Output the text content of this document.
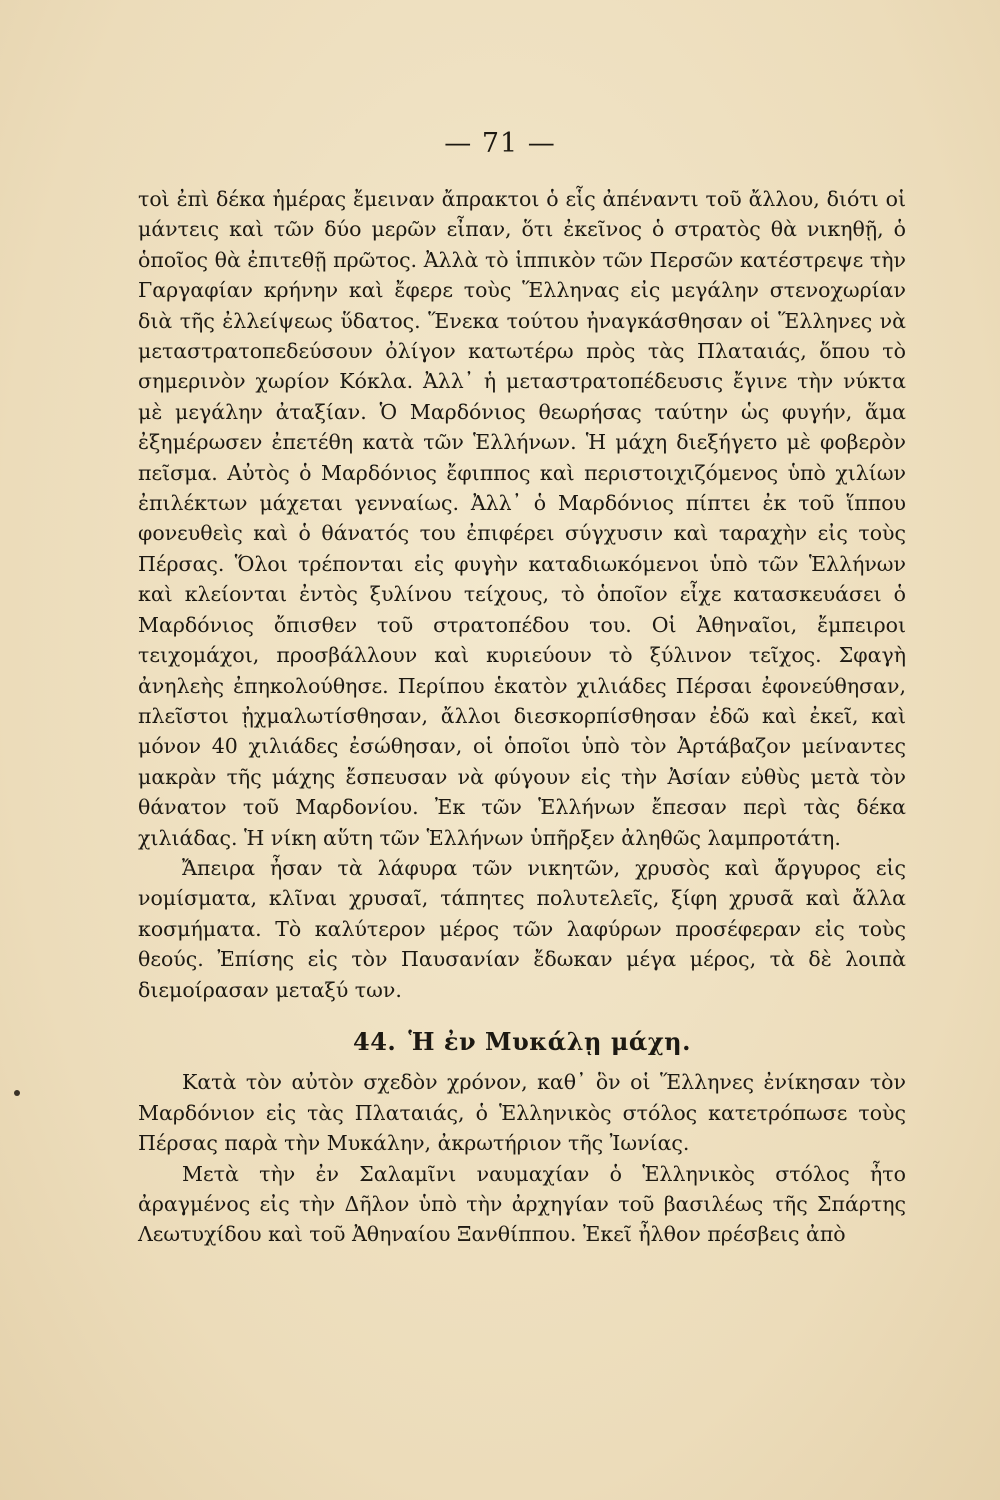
— 71 —

τοὶ ἐπὶ δέκα ἡμέρας ἔμειναν ἄπρακτοι ὁ εἷς ἀπέναντι τοῦ ἄλλου, διότι οἱ μάντεις καὶ τῶν δύο μερῶν εἶπαν, ὅτι ἐκεῖνος ὁ στρατὸς θὰ νικηθῇ, ὁ ὁποῖος θὰ ἐπιτεθῇ πρῶτος. Ἀλλὰ τὸ ἱππικὸν τῶν Περσῶν κατέστρεψε τὴν Γαργαφίαν κρήνην καὶ ἔφερε τοὺς Ἕλληνας εἰς μεγάλην στενοχωρίαν διὰ τῆς ἐλλείψεως ὕδατος. Ἕνεκα τούτου ἠναγκάσθησαν οἱ Ἕλληνες νὰ μεταστρατοπεδεύσουν ὀλίγον κατωτέρω πρὸς τὰς Πλαταιάς, ὅπου τὸ σημερινὸν χωρίον Κόκλα. Ἀλλ᾽ ἡ μεταστρατοπέδευσις ἔγινε τὴν νύκτα μὲ μεγάλην ἀταξίαν. Ὁ Μαρδόνιος θεωρήσας ταύτην ὡς φυγήν, ἅμα ἐξημέρωσεν ἐπετέθη κατὰ τῶν Ἑλλήνων. Ἡ μάχη διεξήγετο μὲ φοβερὸν πεῖσμα. Αὐτὸς ὁ Μαρδόνιος ἔφιππος καὶ περιστοιχιζόμενος ὑπὸ χιλίων ἐπιλέκτων μάχεται γενναίως. Ἀλλ᾽ ὁ Μαρδόνιος πίπτει ἐκ τοῦ ἵππου φονευθεὶς καὶ ὁ θάνατός του ἐπιφέρει σύγχυσιν καὶ ταραχὴν εἰς τοὺς Πέρσας. Ὅλοι τρέπονται εἰς φυγὴν καταδιωκόμενοι ὑπὸ τῶν Ἑλλήνων καὶ κλείονται ἐντὸς ξυλίνου τείχους, τὸ ὁποῖον εἶχε κατασκευάσει ὁ Μαρδόνιος ὄπισθεν τοῦ στρατοπέδου του. Οἱ Ἀθηναῖοι, ἔμπειροι τειχομάχοι, προσβάλλουν καὶ κυριεύουν τὸ ξύλινον τεῖχος. Σφαγὴ ἀνηλεὴς ἐπηκολούθησε. Περίπου ἑκατὸν χιλιάδες Πέρσαι ἐφονεύθησαν, πλεῖστοι ᾐχμαλωτίσθησαν, ἄλλοι διεσκορπίσθησαν ἐδῶ καὶ ἐκεῖ, καὶ μόνον 40 χιλιάδες ἐσώθησαν, οἱ ὁποῖοι ὑπὸ τὸν Ἀρτάβαζον μείναντες μακρὰν τῆς μάχης ἔσπευσαν νὰ φύγουν εἰς τὴν Ἀσίαν εὐθὺς μετὰ τὸν θάνατον τοῦ Μαρδονίου. Ἐκ τῶν Ἑλλήνων ἔπεσαν περὶ τὰς δέκα χιλιάδας. Ἡ νίκη αὕτη τῶν Ἑλλήνων ὑπῆρξεν ἀληθῶς λαμπροτάτη.

Ἄπειρα ἦσαν τὰ λάφυρα τῶν νικητῶν, χρυσὸς καὶ ἄργυρος εἰς νομίσματα, κλῖναι χρυσαῖ, τάπητες πολυτελεῖς, ξίφη χρυσᾶ καὶ ἄλλα κοσμήματα. Τὸ καλύτερον μέρος τῶν λαφύρων προσέφεραν εἰς τοὺς θεούς. Ἐπίσης εἰς τὸν Παυσανίαν ἔδωκαν μέγα μέρος, τὰ δὲ λοιπὰ διεμοίρασαν μεταξύ των.

44. Ἡ ἐν Μυκάλῃ μάχη.

Κατὰ τὸν αὐτὸν σχεδὸν χρόνον, καθ᾽ ὃν οἱ Ἕλληνες ἐνίκησαν τὸν Μαρδόνιον εἰς τὰς Πλαταιάς, ὁ Ἑλληνικὸς στόλος κατετρόπωσε τοὺς Πέρσας παρὰ τὴν Μυκάλην, ἀκρωτήριον τῆς Ἰωνίας.

Μετὰ τὴν ἐν Σαλαμῖνι ναυμαχίαν ὁ Ἑλληνικὸς στόλος ἦτο ἀραγμένος εἰς τὴν Δῆλον ὑπὸ τὴν ἀρχηγίαν τοῦ βασιλέως τῆς Σπάρτης Λεωτυχίδου καὶ τοῦ Ἀθηναίου Ξανθίππου. Ἐκεῖ ἦλθον πρέσβεις ἀπὸ
